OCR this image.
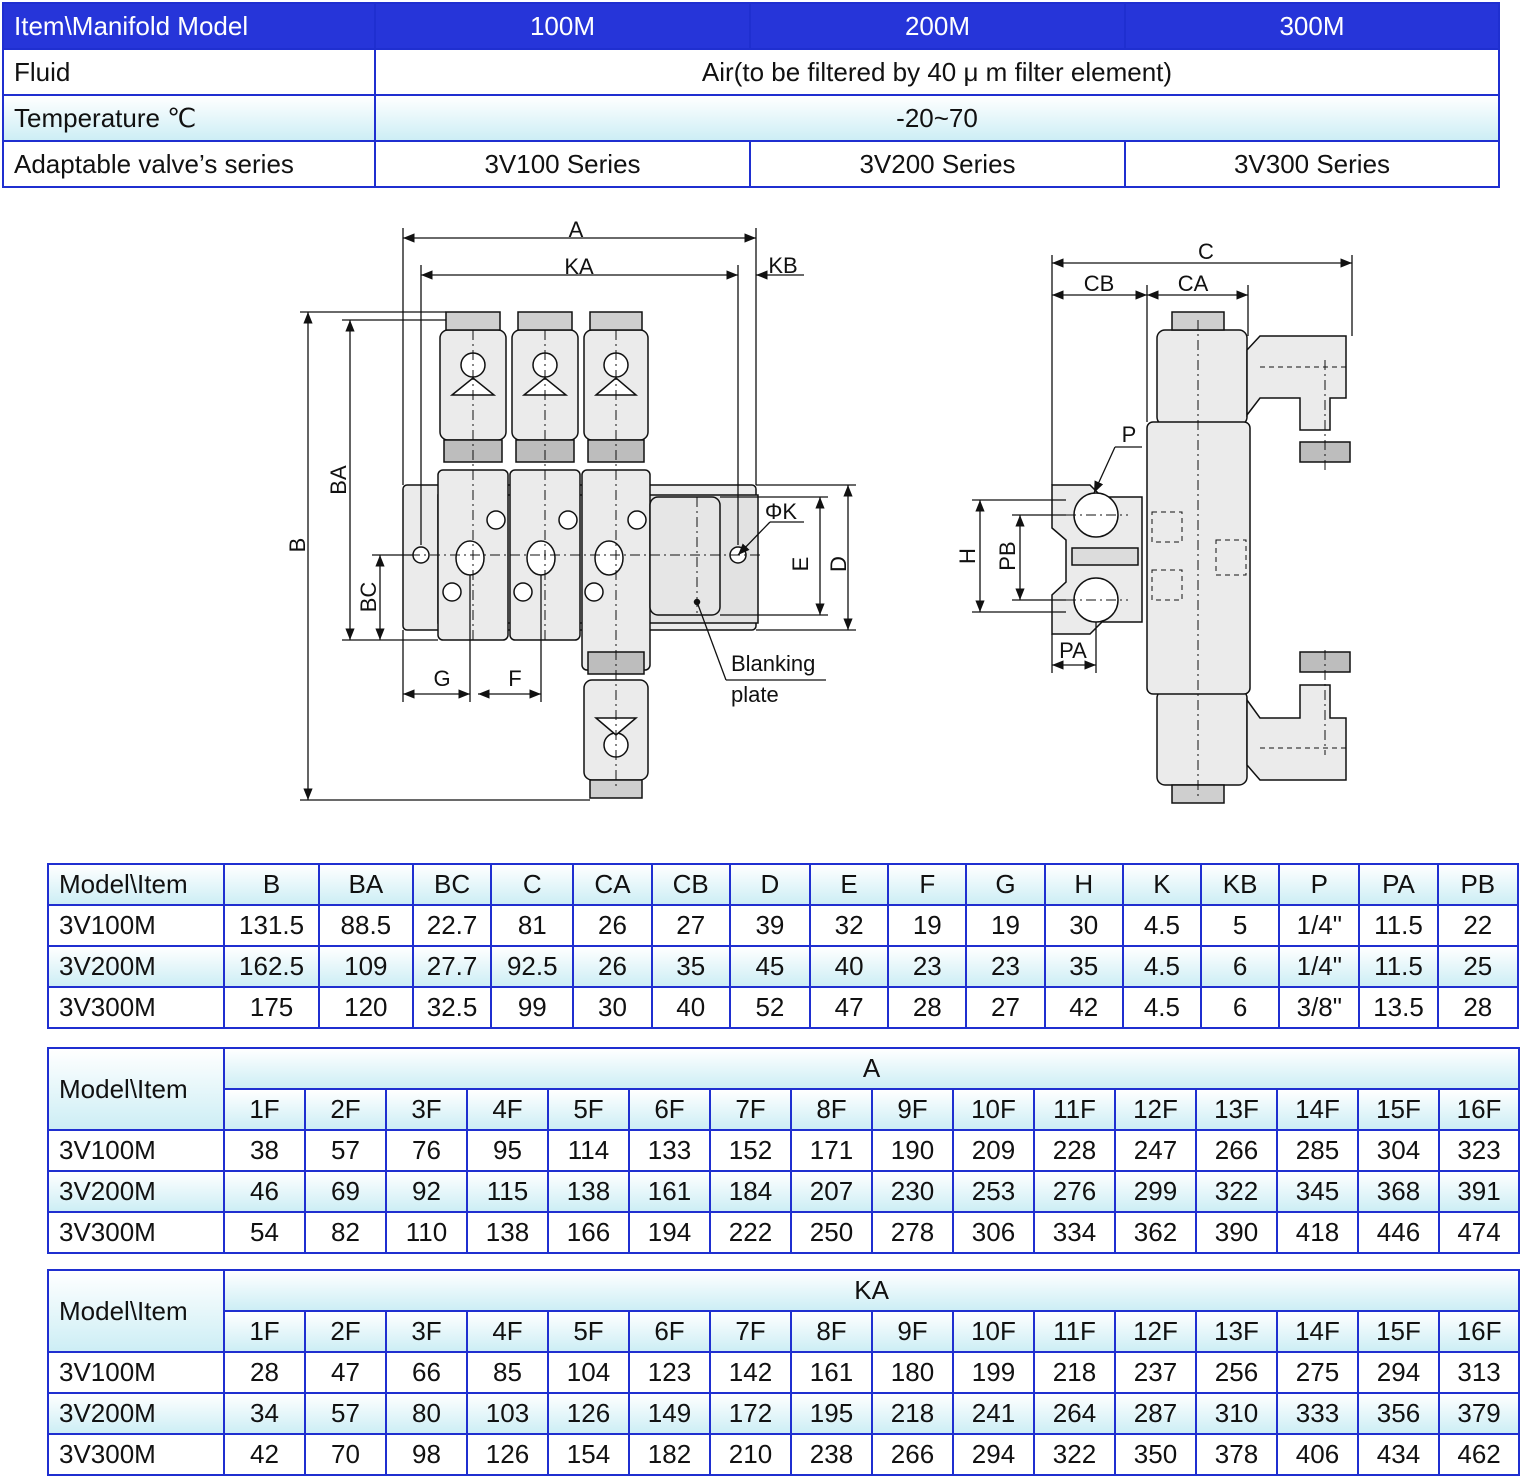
Item\Manifold Model	100M	200M	300M
Fluid	Air(to be filtered by 40 μ m filter element)		
Temperature ℃	-20~70		
Adaptable valve’s series	3V100 Series	3V200 Series	3V300 Series
A
KA	KB
B
BA
BC
G	F
ΦK
E D
Blanking
plate
C
CB	CA
P
H PB
PA
Model\Item	B	BA	BC	C	CA	CB	D	E	F	G	H	K	KB	P	PA	PB
3V100M	131.5	88.5	22.7	81	26	27	39	32	19	19	30	4.5	5	1/4"	11.5	22
3V200M	162.5	109	27.7	92.5	26	35	45	40	23	23	35	4.5	6	1/4"	11.5	25
3V300M	175	120	32.5	99	30	40	52	47	28	27	42	4.5	6	3/8"	13.5	28
Model\Item	A															
	1F	2F	3F	4F	5F	6F	7F	8F	9F	10F	11F	12F	13F	14F	15F	16F
3V100M	38	57	76	95	114	133	152	171	190	209	228	247	266	285	304	323
3V200M	46	69	92	115	138	161	184	207	230	253	276	299	322	345	368	391
3V300M	54	82	110	138	166	194	222	250	278	306	334	362	390	418	446	474
Model\Item	KA															
	1F	2F	3F	4F	5F	6F	7F	8F	9F	10F	11F	12F	13F	14F	15F	16F
3V100M	28	47	66	85	104	123	142	161	180	199	218	237	256	275	294	313
3V200M	34	57	80	103	126	149	172	195	218	241	264	287	310	333	356	379
3V300M	42	70	98	126	154	182	210	238	266	294	322	350	378	406	434	462
